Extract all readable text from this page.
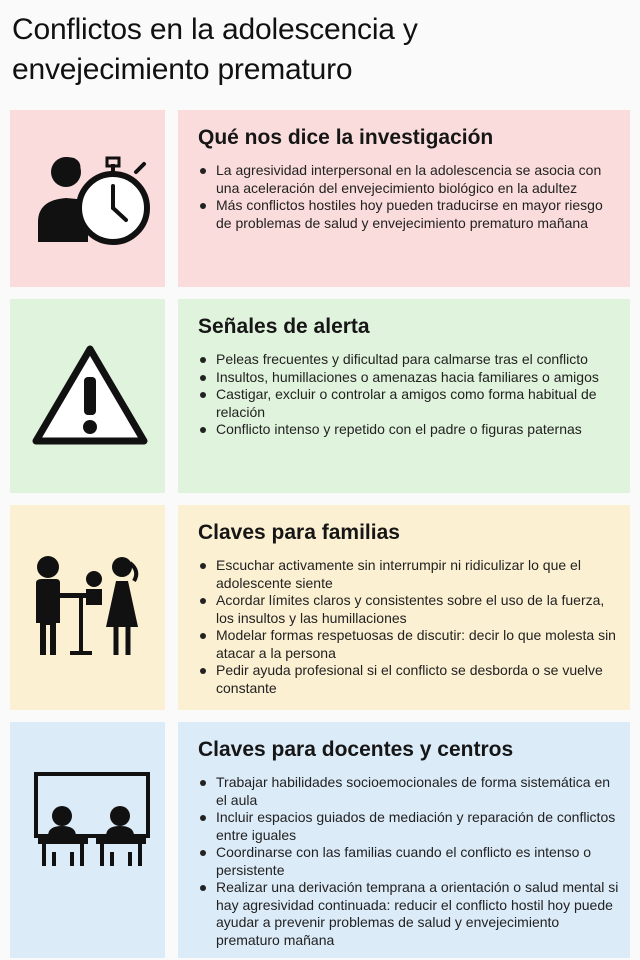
Conflictos en la adolescencia y envejecimiento prematuro
Qué nos dice la investigación
La agresividad interpersonal en la adolescencia se asocia con una aceleración del envejecimiento biológico en la adultez
Más conflictos hostiles hoy pueden traducirse en mayor riesgo de problemas de salud y envejecimiento prematuro mañana
Señales de alerta
Peleas frecuentes y dificultad para calmarse tras el conflicto
Insultos, humillaciones o amenazas hacia familiares o amigos
Castigar, excluir o controlar a amigos como forma habitual de relación
Conflicto intenso y repetido con el padre o figuras paternas
Claves para familias
Escuchar activamente sin interrumpir ni ridiculizar lo que el adolescente siente
Acordar límites claros y consistentes sobre el uso de la fuerza, los insultos y las humillaciones
Modelar formas respetuosas de discutir: decir lo que molesta sin atacar a la persona
Pedir ayuda profesional si el conflicto se desborda o se vuelve constante
Claves para docentes y centros
Trabajar habilidades socioemocionales de forma sistemática en el aula
Incluir espacios guiados de mediación y reparación de conflictos entre iguales
Coordinarse con las familias cuando el conflicto es intenso o persistente
Realizar una derivación temprana a orientación o salud mental si hay agresividad continuada: reducir el conflicto hostil hoy puede ayudar a prevenir problemas de salud y envejecimiento prematuro mañana
